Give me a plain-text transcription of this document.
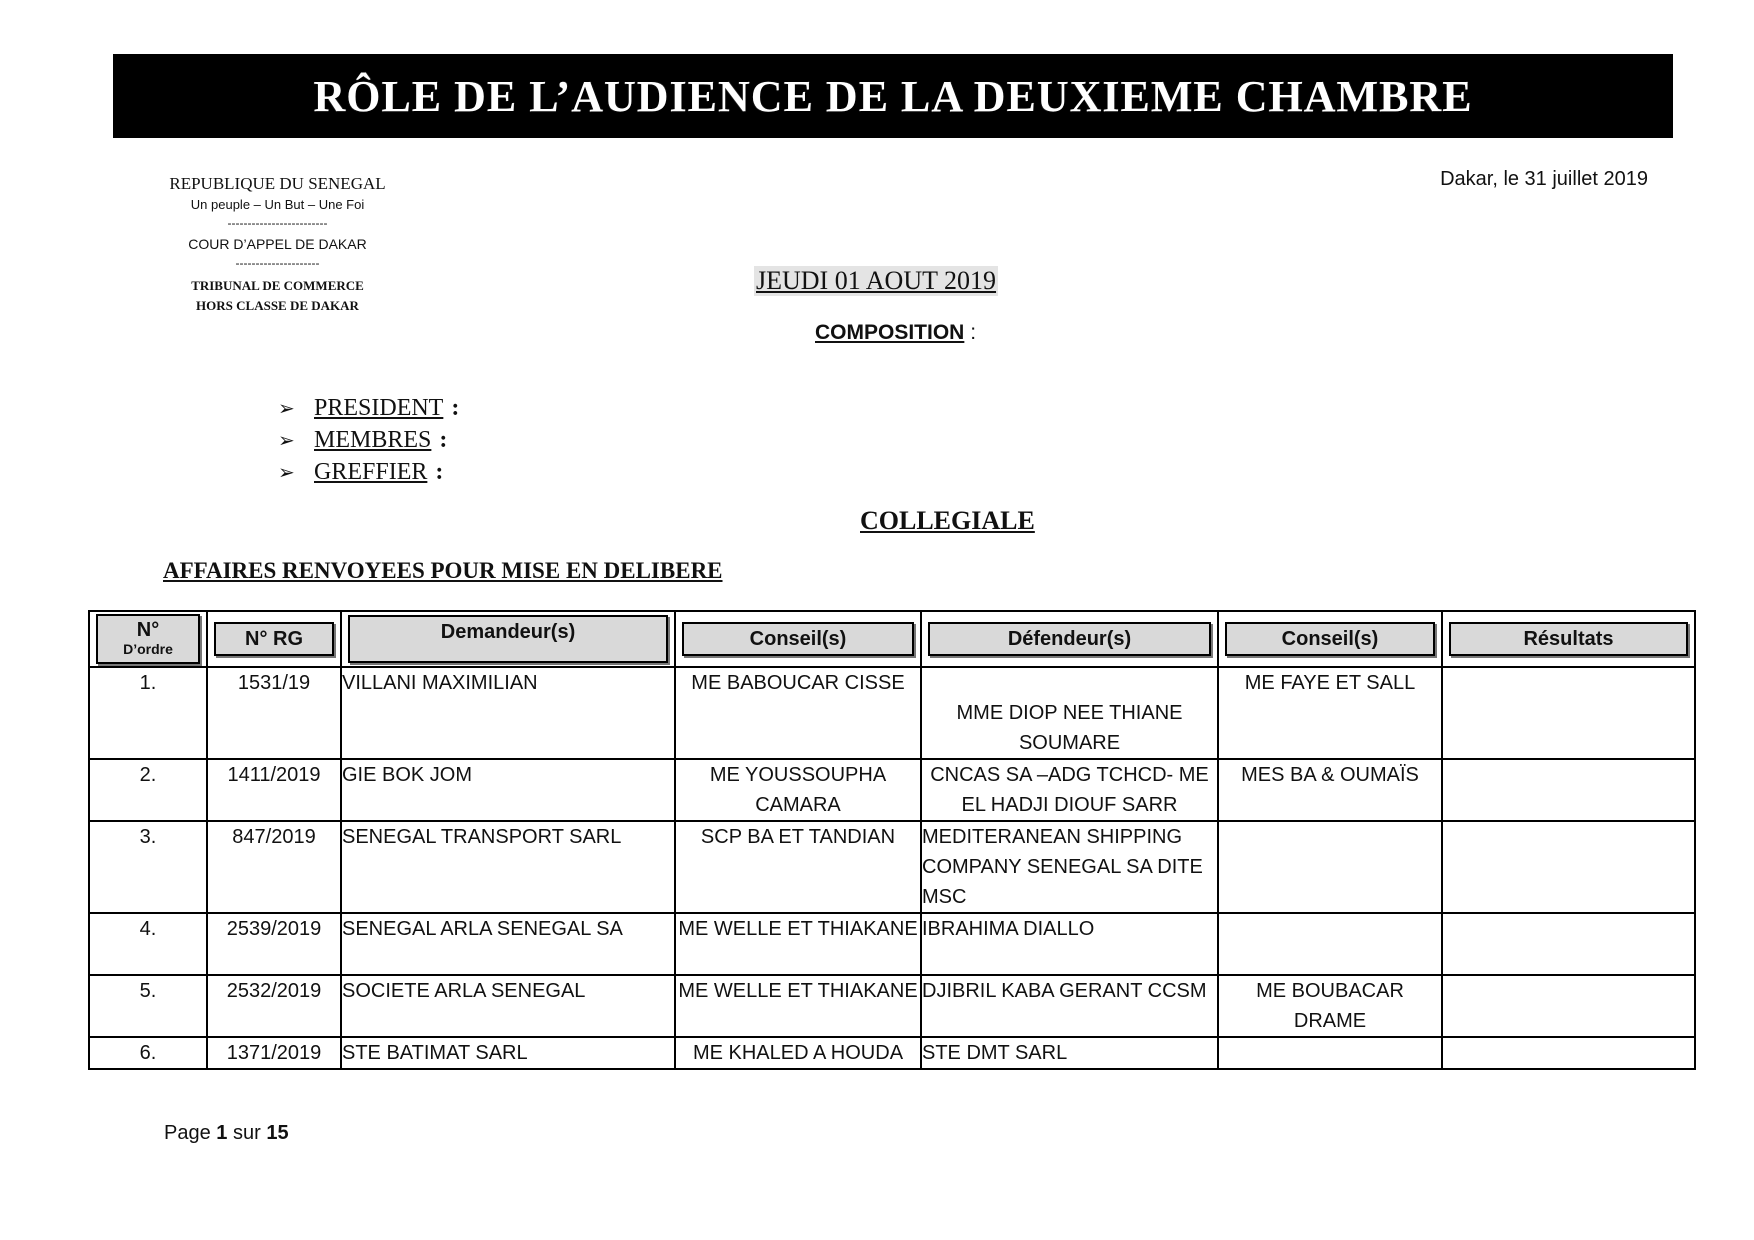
RÔLE DE L’AUDIENCE DE LA DEUXIEME CHAMBRE
REPUBLIQUE DU SENEGAL
Un peuple – Un But – Une Foi
-------------------------
COUR D’APPEL DE DAKAR
---------------------
TRIBUNAL DE COMMERCE
HORS CLASSE DE DAKAR
Dakar, le 31 juillet 2019
JEUDI 01 AOUT 2019
COMPOSITION :
➢ PRESIDENT :
➢ MEMBRES :
➢ GREFFIER :
COLLEGIALE
AFFAIRES RENVOYEES POUR MISE EN DELIBERE
N°
D’ordre	N° RG	Demandeur(s)	Conseil(s)	Défendeur(s)	Conseil(s)	Résultats

1.	1531/19	VILLANI MAXIMILIAN	ME BABOUCAR CISSE	MME DIOP NEE THIANE SOUMARE	ME FAYE ET SALL	
2.	1411/2019	GIE BOK JOM	ME YOUSSOUPHA CAMARA	CNCAS SA –ADG TCHCD- ME EL HADJI DIOUF SARR	MES BA & OUMAÏS	
3.	847/2019	SENEGAL TRANSPORT SARL	SCP BA ET TANDIAN	MEDITERANEAN SHIPPING COMPANY SENEGAL SA DITE MSC		
4.	2539/2019	SENEGAL ARLA SENEGAL SA	ME WELLE ET THIAKANE	IBRAHIMA DIALLO		
5.	2532/2019	SOCIETE ARLA SENEGAL	ME WELLE ET THIAKANE	DJIBRIL KABA GERANT CCSM	ME BOUBACAR DRAME	
6.	1371/2019	STE BATIMAT SARL	ME KHALED A HOUDA	STE DMT SARL		
Page 1 sur 15
